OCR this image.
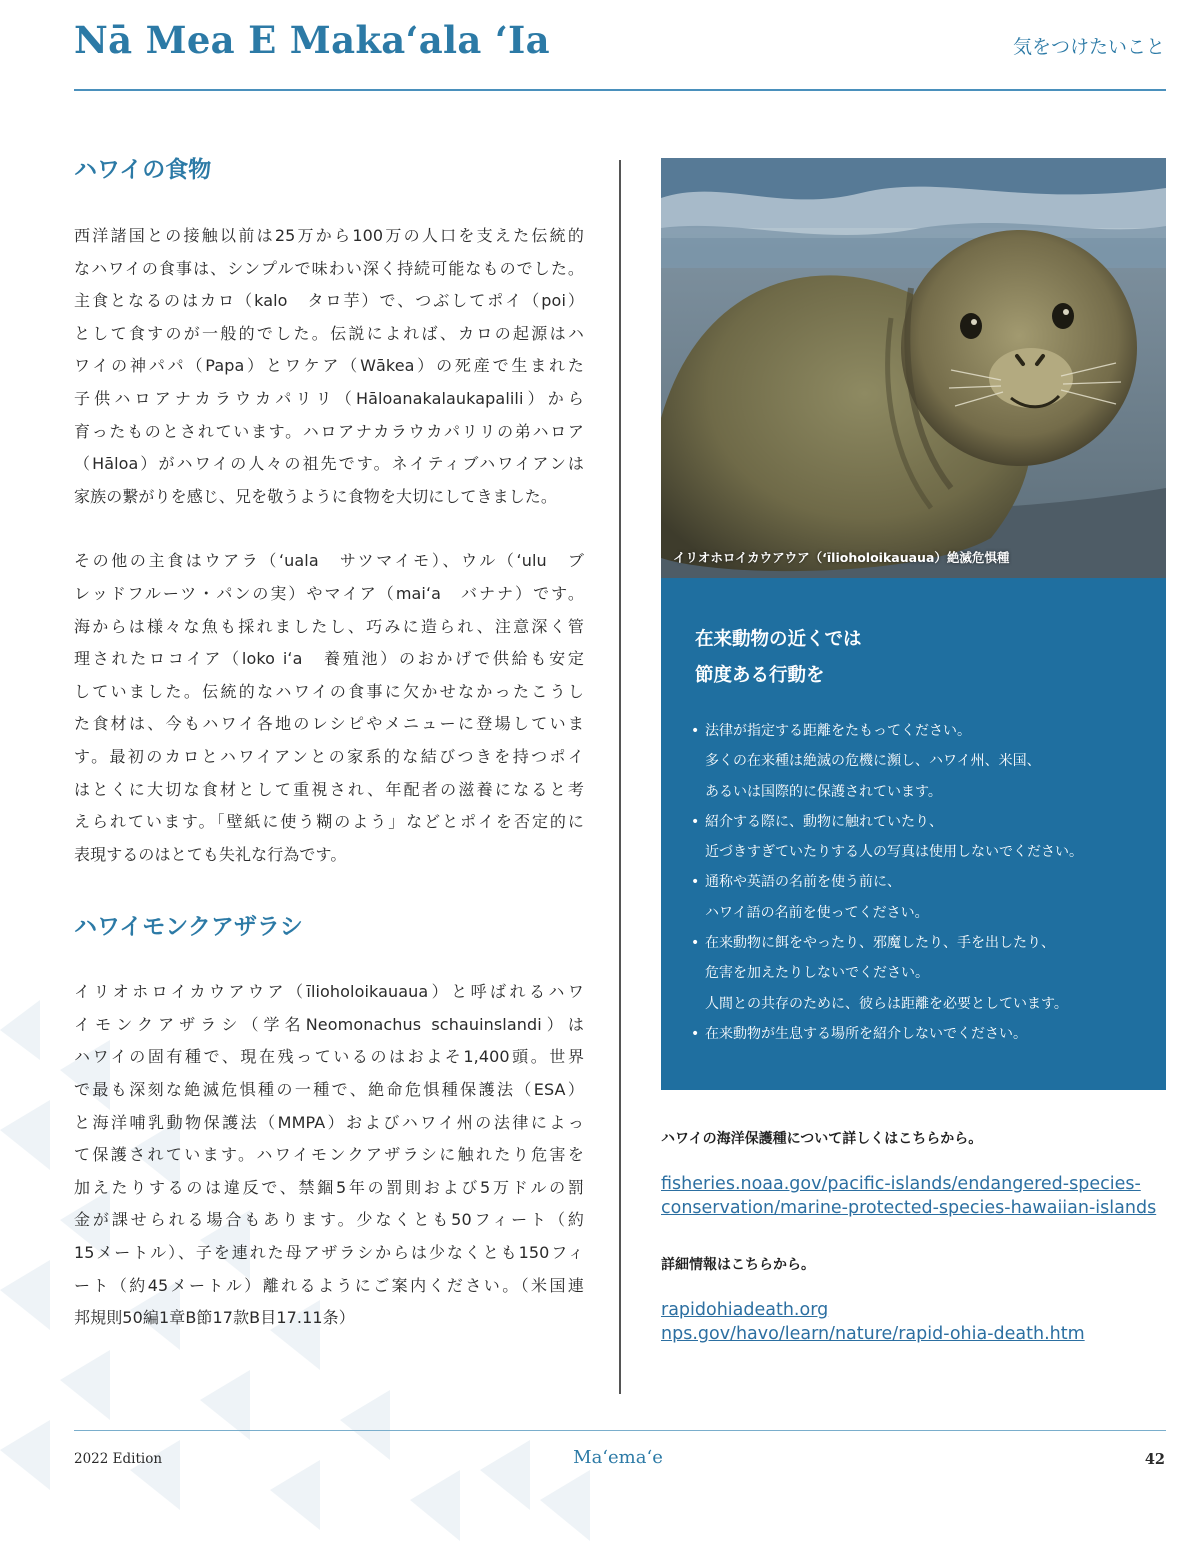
Nā Mea E Makaʻala ʻIa	気をつけたいこと
ハワイの食物

西洋諸国との接触以前は25万から100万の人口を支えた伝統的
なハワイの食事は、シンプルで味わい深く持続可能なものでした。
主食となるのはカロ（kalo　タロ芋）で、つぶしてポイ（poi）
として食すのが一般的でした。伝説によれば、カロの起源はハ
ワイの神パパ（Papa）とワケア（Wākea）の死産で生まれた
子供ハロアナカラウカパリリ（Hāloanakalaukapalili）から
育ったものとされています。ハロアナカラウカパリリの弟ハロア
（Hāloa）がハワイの人々の祖先です。ネイティブハワイアンは
家族の繋がりを感じ、兄を敬うように食物を大切にしてきました。

その他の主食はウアラ（ʻuala　サツマイモ）、ウル（ʻulu　ブ
レッドフルーツ・パンの実）やマイア（maiʻa　バナナ）です。
海からは様々な魚も採れましたし、巧みに造られ、注意深く管
理されたロコイア（loko iʻa　養殖池）のおかげで供給も安定
していました。伝統的なハワイの食事に欠かせなかったこうし
た食材は、今もハワイ各地のレシピやメニューに登場していま
す。最初のカロとハワイアンとの家系的な結びつきを持つポイ
はとくに大切な食材として重視され、年配者の滋養になると考
えられています。「壁紙に使う糊のよう」などとポイを否定的に
表現するのはとても失礼な行為です。

ハワイモンクアザラシ

イリオホロイカウアウア（īlioholoikauaua）と呼ばれるハワ
イモンクアザラシ（学名Neomonachus schauinslandi）は
ハワイの固有種で、現在残っているのはおよそ1,400頭。世界
で最も深刻な絶滅危惧種の一種で、絶命危惧種保護法（ESA）
と海洋哺乳動物保護法（MMPA）およびハワイ州の法律によっ
て保護されています。ハワイモンクアザラシに触れたり危害を
加えたりするのは違反で、禁錮5年の罰則および5万ドルの罰
金が課せられる場合もあります。少なくとも50フィート（約
15メートル）、子を連れた母アザラシからは少なくとも150フィ
ート（約45メートル）離れるようにご案内ください。（米国連
邦規則50編1章B節17款B目17.11条）

イリオホロイカウアウア（ʻīlioholoikauaua）絶滅危惧種
在来動物の近くでは
節度ある行動を
• 法律が指定する距離をたもってください。
多くの在来種は絶滅の危機に瀕し、ハワイ州、米国、
あるいは国際的に保護されています。
• 紹介する際に、動物に触れていたり、
近づきすぎていたりする人の写真は使用しないでください。
• 通称や英語の名前を使う前に、
ハワイ語の名前を使ってください。
• 在来動物に餌をやったり、邪魔したり、手を出したり、
危害を加えたりしないでください。
人間との共存のために、彼らは距離を必要としています。
• 在来動物が生息する場所を紹介しないでください。

ハワイの海洋保護種について詳しくはこちらから。

fisheries.noaa.gov/pacific-islands/endangered-species-
conservation/marine-protected-species-hawaiian-islands

詳細情報はこちらから。

rapidohiadeath.org
nps.gov/havo/learn/nature/rapid-ohia-death.htm
2022 Edition	Maʻemaʻe	42
